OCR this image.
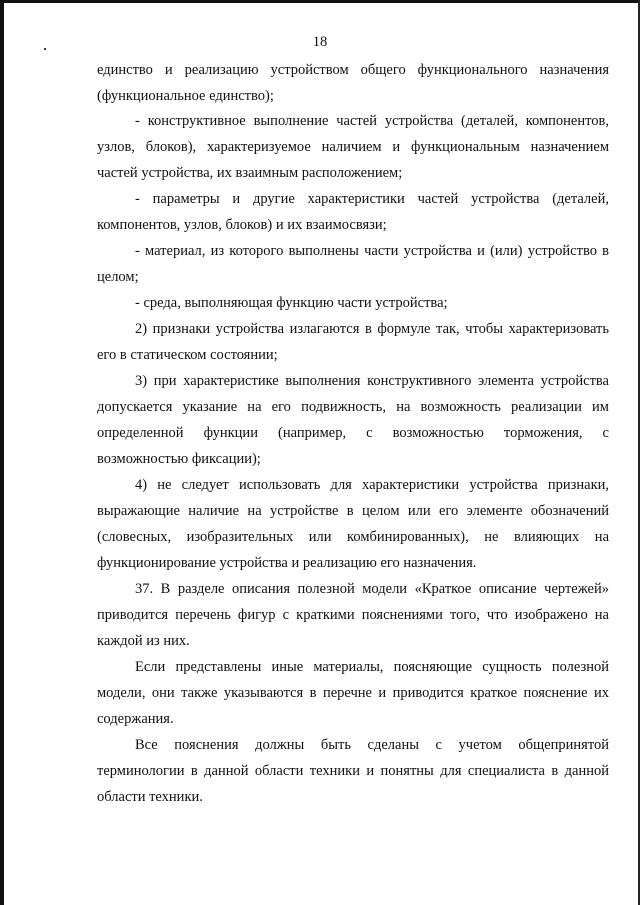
18
единство и реализацию устройством общего функционального назначения
(функциональное единство);
- конструктивное выполнение частей устройства (деталей, компонентов,
узлов, блоков), характеризуемое наличием и функциональным назначением
частей устройства, их взаимным расположением;
- параметры и другие характеристики частей устройства (деталей,
компонентов, узлов, блоков) и их взаимосвязи;
- материал, из которого выполнены части устройства и (или) устройство в
целом;
- среда, выполняющая функцию части устройства;
2) признаки устройства излагаются в формуле так, чтобы характеризовать
его в статическом состоянии;
3) при характеристике выполнения конструктивного элемента устройства
допускается указание на его подвижность, на возможность реализации им
определенной функции (например, с возможностью торможения, с
возможностью фиксации);
4) не следует использовать для характеристики устройства признаки,
выражающие наличие на устройстве в целом или его элементе обозначений
(словесных, изобразительных или комбинированных), не влияющих на
функционирование устройства и реализацию его назначения.
37. В разделе описания полезной модели «Краткое описание чертежей»
приводится перечень фигур с краткими пояснениями того, что изображено на
каждой из них.
Если представлены иные материалы, поясняющие сущность полезной
модели, они также указываются в перечне и приводится краткое пояснение их
содержания.
Все пояснения должны быть сделаны с учетом общепринятой
терминологии в данной области техники и понятны для специалиста в данной
области техники.
